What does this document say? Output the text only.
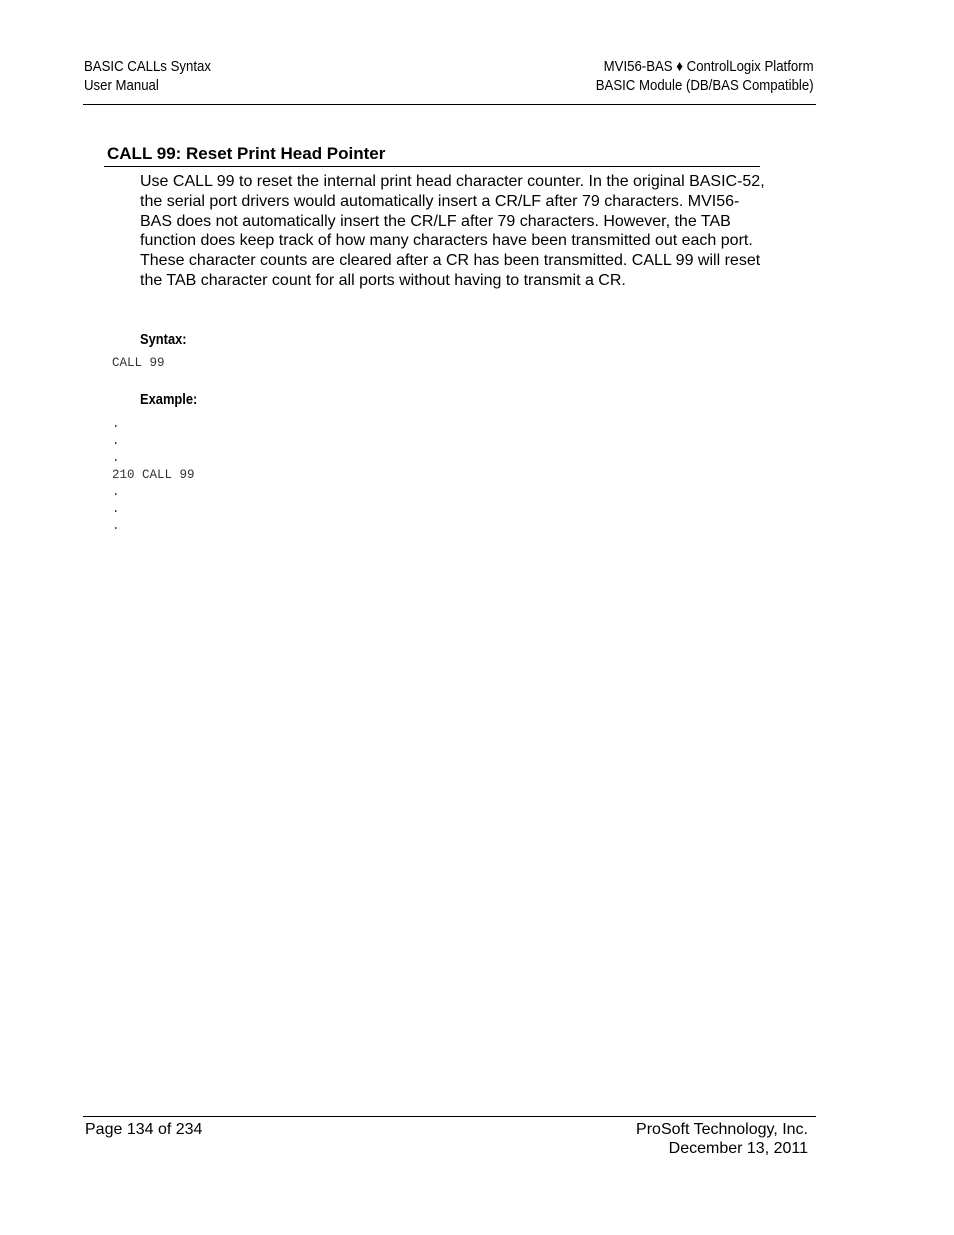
BASIC CALLs Syntax
User Manual
MVI56-BAS ♦ ControlLogix Platform
BASIC Module (DB/BAS Compatible)
CALL 99: Reset Print Head Pointer

Use CALL 99 to reset the internal print head character counter. In the original BASIC-52, the serial port drivers would automatically insert a CR/LF after 79 characters. MVI56-BAS does not automatically insert the CR/LF after 79 characters. However, the TAB function does keep track of how many characters have been transmitted out each port. These character counts are cleared after a CR has been transmitted. CALL 99 will reset the TAB character count for all ports without having to transmit a CR.

Syntax:
CALL 99
Example:
.
.
.
210 CALL 99
.
.
.
Page 134 of 234	ProSoft Technology, Inc.
December 13, 2011
